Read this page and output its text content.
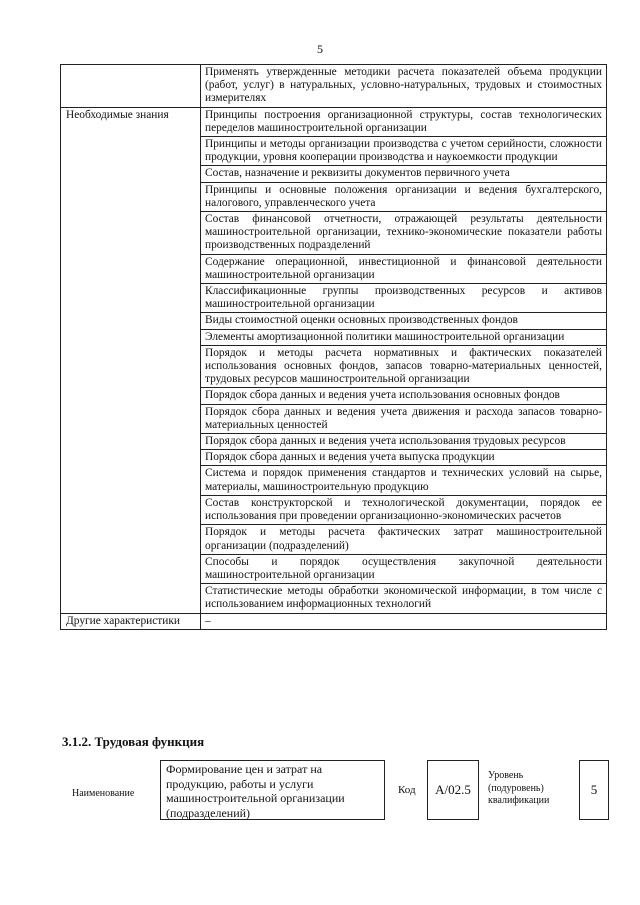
5
	Применять утвержденные методики расчета показателей объема продукции (работ, услуг) в натуральных, условно-натуральных, трудовых и стоимостных измерителях
Необходимые знания	Принципы построения организационной структуры, состав технологических переделов машиностроительной организации
	Принципы и методы организации производства с учетом серийности, сложности продукции, уровня кооперации производства и наукоемкости продукции
	Состав, назначение и реквизиты документов первичного учета
	Принципы и основные положения организации и ведения бухгалтерского, налогового, управленческого учета
	Состав финансовой отчетности, отражающей результаты деятельности машиностроительной организации, технико-экономические показатели работы производственных подразделений
	Содержание операционной, инвестиционной и финансовой деятельности машиностроительной организации
	Классификационные группы производственных ресурсов и активов машиностроительной организации
	Виды стоимостной оценки основных производственных фондов
	Элементы амортизационной политики машиностроительной организации
	Порядок и методы расчета нормативных и фактических показателей использования основных фондов, запасов товарно-материальных ценностей, трудовых ресурсов машиностроительной организации
	Порядок сбора данных и ведения учета использования основных фондов
	Порядок сбора данных и ведения учета движения и расхода запасов товарно-материальных ценностей
	Порядок сбора данных и ведения учета использования трудовых ресурсов
	Порядок сбора данных и ведения учета выпуска продукции
	Система и порядок применения стандартов и технических условий на сырье, материалы, машиностроительную продукцию
	Состав конструкторской и технологической документации, порядок ее использования при проведении организационно-экономических расчетов
	Порядок и методы расчета фактических затрат машиностроительной организации (подразделений)
	Способы и порядок осуществления закупочной деятельности машиностроительной организации
	Статистические методы обработки экономической информации, в том числе с использованием информационных технологий
Другие характеристики	–
3.1.2. Трудовая функция
Наименование
Формирование цен и затрат на продукцию, работы и услуги машиностроительной организации (подразделений)
Код	А/02.5
Уровень (подуровень) квалификации
5
